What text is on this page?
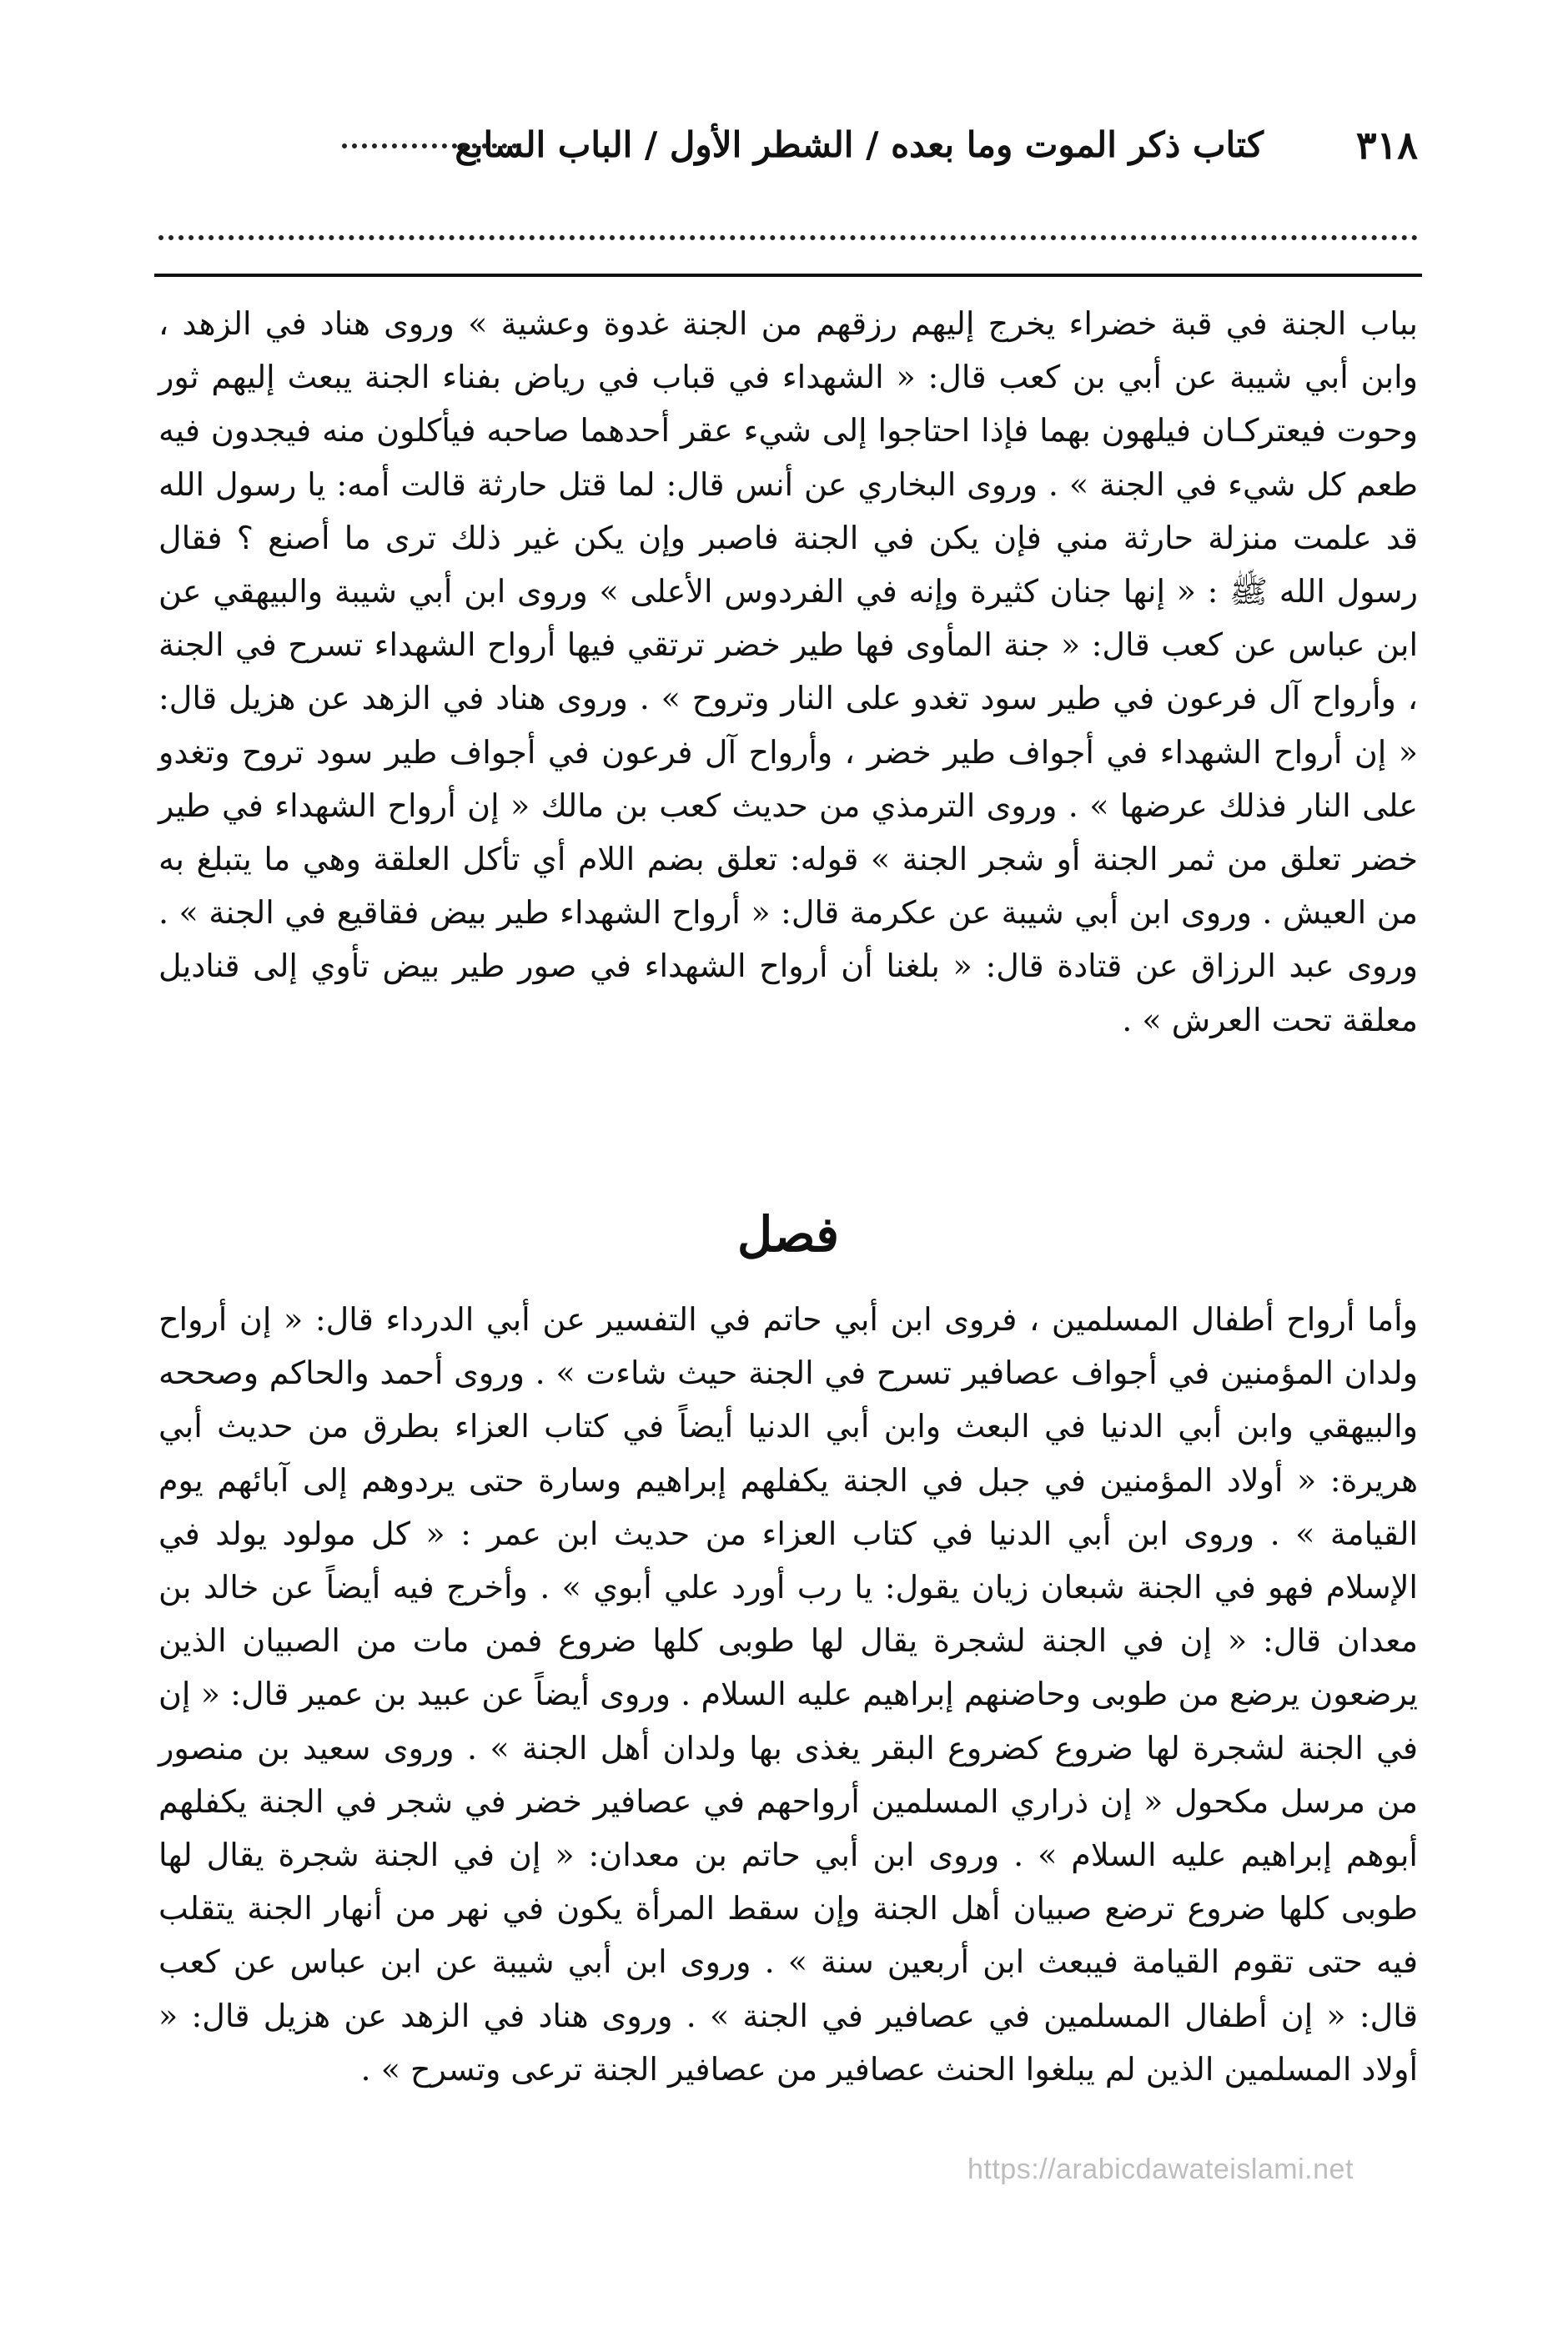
٣١٨
كتاب ذكر الموت وما بعده / الشطر الأول / الباب السابع

بباب الجنة في قبة خضراء يخرج إليهم رزقهم من الجنة غدوة وعشية » وروى هناد في الزهد ، وابن أبي شيبة عن أبي بن كعب قال: « الشهداء في قباب في رياض بفناء الجنة يبعث إليهم ثور وحوت فيعتركـان فيلهون بهما فإذا احتاجوا إلى شيء عقر أحدهما صاحبه فيأكلون منه فيجدون فيه طعم كل شيء في الجنة » . وروى البخاري عن أنس قال: لما قتل حارثة قالت أمه: يا رسول الله قد علمت منزلة حارثة مني فإن يكن في الجنة فاصبر وإن يكن غير ذلك ترى ما أصنع ؟ فقال رسول الله ﷺ : « إنها جنان كثيرة وإنه في الفردوس الأعلى » وروى ابن أبي شيبة والبيهقي عن ابن عباس عن كعب قال: « جنة المأوى فها طير خضر ترتقي فيها أرواح الشهداء تسرح في الجنة ، وأرواح آل فرعون في طير سود تغدو على النار وتروح » . وروى هناد في الزهد عن هزيل قال: « إن أرواح الشهداء في أجواف طير خضر ، وأرواح آل فرعون في أجواف طير سود تروح وتغدو على النار فذلك عرضها » . وروى الترمذي من حديث كعب بن مالك « إن أرواح الشهداء في طير خضر تعلق من ثمر الجنة أو شجر الجنة » قوله: تعلق بضم اللام أي تأكل العلقة وهي ما يتبلغ به من العيش . وروى ابن أبي شيبة عن عكرمة قال: « أرواح الشهداء طير بيض فقاقيع في الجنة » . وروى عبد الرزاق عن قتادة قال: « بلغنا أن أرواح الشهداء في صور طير بيض تأوي إلى قناديل معلقة تحت العرش » .

فصل

وأما أرواح أطفال المسلمين ، فروى ابن أبي حاتم في التفسير عن أبي الدرداء قال: « إن أرواح ولدان المؤمنين في أجواف عصافير تسرح في الجنة حيث شاءت » . وروى أحمد والحاكم وصححه والبيهقي وابن أبي الدنيا في البعث وابن أبي الدنيا أيضاً في كتاب العزاء بطرق من حديث أبي هريرة: « أولاد المؤمنين في جبل في الجنة يكفلهم إبراهيم وسارة حتى يردوهم إلى آبائهم يوم القيامة » . وروى ابن أبي الدنيا في كتاب العزاء من حديث ابن عمر : « كل مولود يولد في الإسلام فهو في الجنة شبعان زيان يقول: يا رب أورد علي أبوي » . وأخرج فيه أيضاً عن خالد بن معدان قال: « إن في الجنة لشجرة يقال لها طوبى كلها ضروع فمن مات من الصبيان الذين يرضعون يرضع من طوبى وحاضنهم إبراهيم عليه السلام . وروى أيضاً عن عبيد بن عمير قال: « إن في الجنة لشجرة لها ضروع كضروع البقر يغذى بها ولدان أهل الجنة » . وروى سعيد بن منصور من مرسل مكحول « إن ذراري المسلمين أرواحهم في عصافير خضر في شجر في الجنة يكفلهم أبوهم إبراهيم عليه السلام » . وروى ابن أبي حاتم بن معدان: « إن في الجنة شجرة يقال لها طوبى كلها ضروع ترضع صبيان أهل الجنة وإن سقط المرأة يكون في نهر من أنهار الجنة يتقلب فيه حتى تقوم القيامة فيبعث ابن أربعين سنة » . وروى ابن أبي شيبة عن ابن عباس عن كعب قال: « إن أطفال المسلمين في عصافير في الجنة » . وروى هناد في الزهد عن هزيل قال: « أولاد المسلمين الذين لم يبلغوا الحنث عصافير من عصافير الجنة ترعى وتسرح » .

https://arabicdawateislami.net
